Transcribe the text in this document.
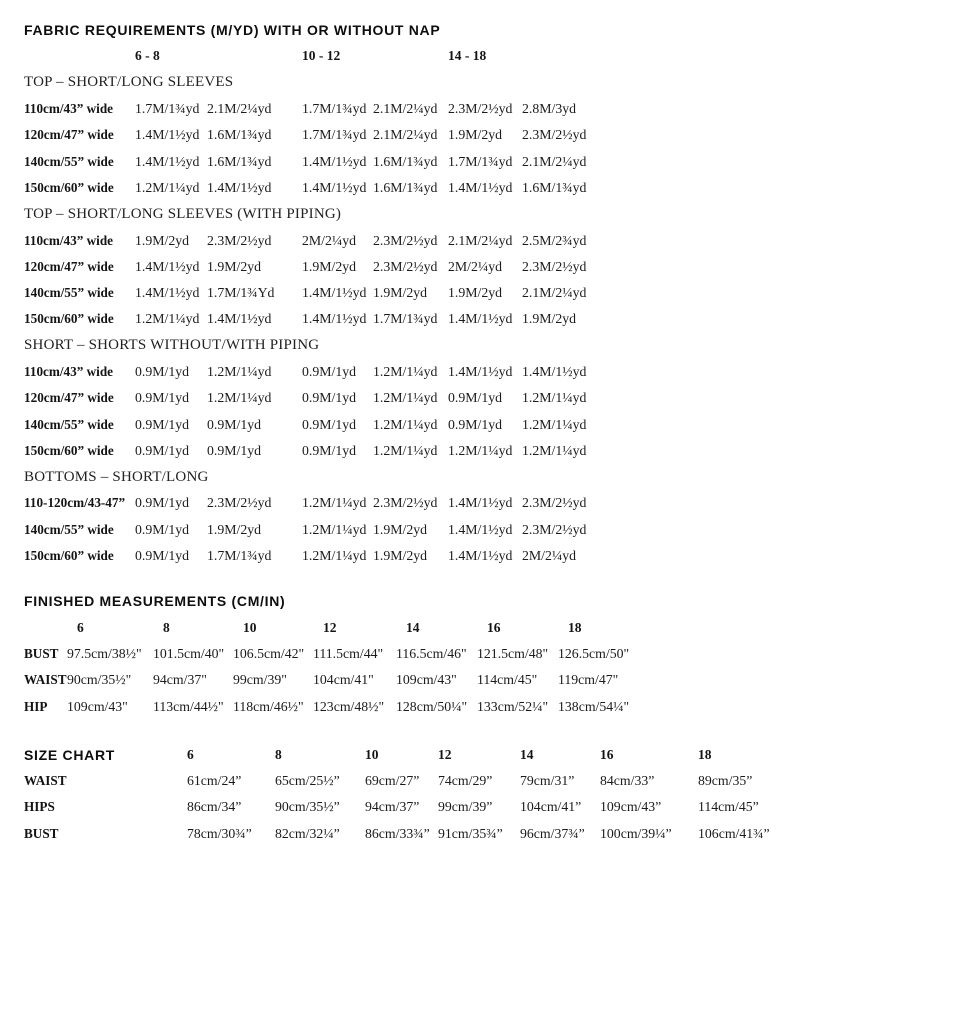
FABRIC REQUIREMENTS (M/YD) WITH OR WITHOUT NAP
6 - 8	10 - 12	14 - 18
TOP – SHORT/LONG SLEEVES
110cm/43” wide	1.7M/1¾yd 2.1M/2¼yd	1.7M/1¾yd 2.1M/2¼yd 2.3M/2½yd 2.8M/3yd
120cm/47” wide	1.4M/1½yd 1.6M/1¾yd	1.7M/1¾yd 2.1M/2¼yd 1.9M/2yd	2.3M/2½yd
140cm/55” wide	1.4M/1½yd 1.6M/1¾yd	1.4M/1½yd 1.6M/1¾yd 1.7M/1¾yd 2.1M/2¼yd
150cm/60” wide	1.2M/1¼yd 1.4M/1½yd	1.4M/1½yd 1.6M/1¾yd 1.4M/1½yd 1.6M/1¾yd
TOP – SHORT/LONG SLEEVES (WITH PIPING)
110cm/43” wide	1.9M/2yd	2.3M/2½yd	2M/2¼yd	2.3M/2½yd 2.1M/2¼yd 2.5M/2¾yd
120cm/47” wide	1.4M/1½yd 1.9M/2yd	1.9M/2yd	2.3M/2½yd 2M/2¼yd	2.3M/2½yd
140cm/55” wide	1.4M/1½yd 1.7M/1¾Yd	1.4M/1½yd 1.9M/2yd	1.9M/2yd	2.1M/2¼yd
150cm/60” wide	1.2M/1¼yd 1.4M/1½yd	1.4M/1½yd 1.7M/1¾yd 1.4M/1½yd 1.9M/2yd
SHORT – SHORTS WITHOUT/WITH PIPING
110cm/43” wide	0.9M/1yd	1.2M/1¼yd	0.9M/1yd	1.2M/1¼yd 1.4M/1½yd 1.4M/1½yd
120cm/47” wide	0.9M/1yd	1.2M/1¼yd	0.9M/1yd	1.2M/1¼yd 0.9M/1yd	1.2M/1¼yd
140cm/55” wide	0.9M/1yd	0.9M/1yd	0.9M/1yd	1.2M/1¼yd 0.9M/1yd	1.2M/1¼yd
150cm/60” wide	0.9M/1yd	0.9M/1yd	0.9M/1yd	1.2M/1¼yd 1.2M/1¼yd 1.2M/1¼yd
BOTTOMS – SHORT/LONG
110-120cm/43-47” 0.9M/1yd	2.3M/2½yd	1.2M/1¼yd 2.3M/2½yd 1.4M/1½yd 2.3M/2½yd
140cm/55” wide	0.9M/1yd	1.9M/2yd	1.2M/1¼yd 1.9M/2yd	1.4M/1½yd 2.3M/2½yd
150cm/60” wide	0.9M/1yd	1.7M/1¾yd	1.2M/1¼yd 1.9M/2yd	1.4M/1½yd 2M/2¼yd
FINISHED MEASUREMENTS (CM/IN)
6	8	10	12	14	16	18
BUST 97.5cm/38½" 101.5cm/40" 106.5cm/42" 111.5cm/44" 116.5cm/46" 121.5cm/48" 126.5cm/50"
WAIST 90cm/35½"	94cm/37"	99cm/39"	104cm/41"	109cm/43"	114cm/45"	119cm/47"
HIP	109cm/43"	113cm/44½" 118cm/46½" 123cm/48½" 128cm/50¼" 133cm/52¼" 138cm/54¼"
SIZE CHART	6	8	10	12	14	16	18
WAIST	61cm/24”	65cm/25½”	69cm/27”	74cm/29”	79cm/31”	84cm/33”	89cm/35”
HIPS	86cm/34”	90cm/35½”	94cm/37”	99cm/39”	104cm/41”	109cm/43”	114cm/45”
BUST	78cm/30¾”	82cm/32¼”	86cm/33¾” 91cm/35¾”	96cm/37¾”	100cm/39¼”	106cm/41¾”
